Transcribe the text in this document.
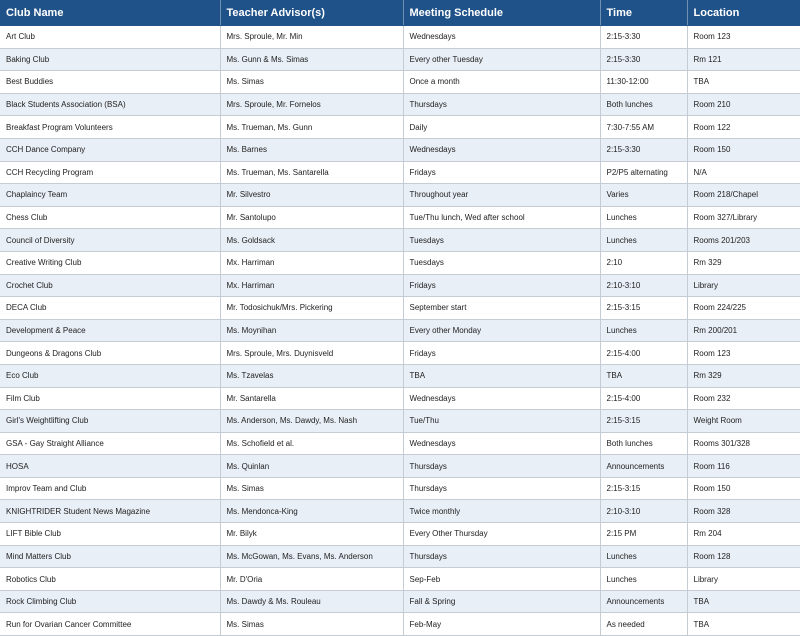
Club Name	Teacher Advisor(s)	Meeting Schedule	Time	Location
Art Club	Mrs. Sproule, Mr. Min	Wednesdays	2:15-3:30	Room 123
Baking Club	Ms. Gunn & Ms. Simas	Every other Tuesday	2:15-3:30	Rm 121
Best Buddies	Ms. Simas	Once a month	11:30-12:00	TBA
Black Students Association (BSA)	Mrs. Sproule, Mr. Fornelos	Thursdays	Both lunches	Room 210
Breakfast Program Volunteers	Ms. Trueman, Ms. Gunn	Daily	7:30-7:55 AM	Room 122
CCH Dance Company	Ms. Barnes	Wednesdays	2:15-3:30	Room 150
CCH Recycling Program	Ms. Trueman, Ms. Santarella	Fridays	P2/P5 alternating	N/A
Chaplaincy Team	Mr. Silvestro	Throughout year	Varies	Room 218/Chapel
Chess Club	Mr. Santolupo	Tue/Thu lunch, Wed after school	Lunches	Room 327/Library
Council of Diversity	Ms. Goldsack	Tuesdays	Lunches	Rooms 201/203
Creative Writing Club	Mx. Harriman	Tuesdays	2:10	Rm 329
Crochet Club	Mx. Harriman	Fridays	2:10-3:10	Library
DECA Club	Mr. Todosichuk/Mrs. Pickering	September start	2:15-3:15	Room 224/225
Development & Peace	Ms. Moynihan	Every other Monday	Lunches	Rm 200/201
Dungeons & Dragons Club	Mrs. Sproule, Mrs. Duynisveld	Fridays	2:15-4:00	Room 123
Eco Club	Ms. Tzavelas	TBA	TBA	Rm 329
Film Club	Mr. Santarella	Wednesdays	2:15-4:00	Room 232
Girl's Weightlifting Club	Ms. Anderson, Ms. Dawdy, Ms. Nash	Tue/Thu	2:15-3:15	Weight Room
GSA - Gay Straight Alliance	Ms. Schofield et al.	Wednesdays	Both lunches	Rooms 301/328
HOSA	Ms. Quinlan	Thursdays	Announcements	Room 116
Improv Team and Club	Ms. Simas	Thursdays	2:15-3:15	Room 150
KNIGHTRIDER Student News Magazine	Ms. Mendonca-King	Twice monthly	2:10-3:10	Room 328
LIFT Bible Club	Mr. Bilyk	Every Other Thursday	2:15 PM	Rm 204
Mind Matters Club	Ms. McGowan, Ms. Evans, Ms. Anderson	Thursdays	Lunches	Room 128
Robotics Club	Mr. D'Oria	Sep-Feb	Lunches	Library
Rock Climbing Club	Ms. Dawdy & Ms. Rouleau	Fall & Spring	Announcements	TBA
Run for Ovarian Cancer Committee	Ms. Simas	Feb-May	As needed	TBA
